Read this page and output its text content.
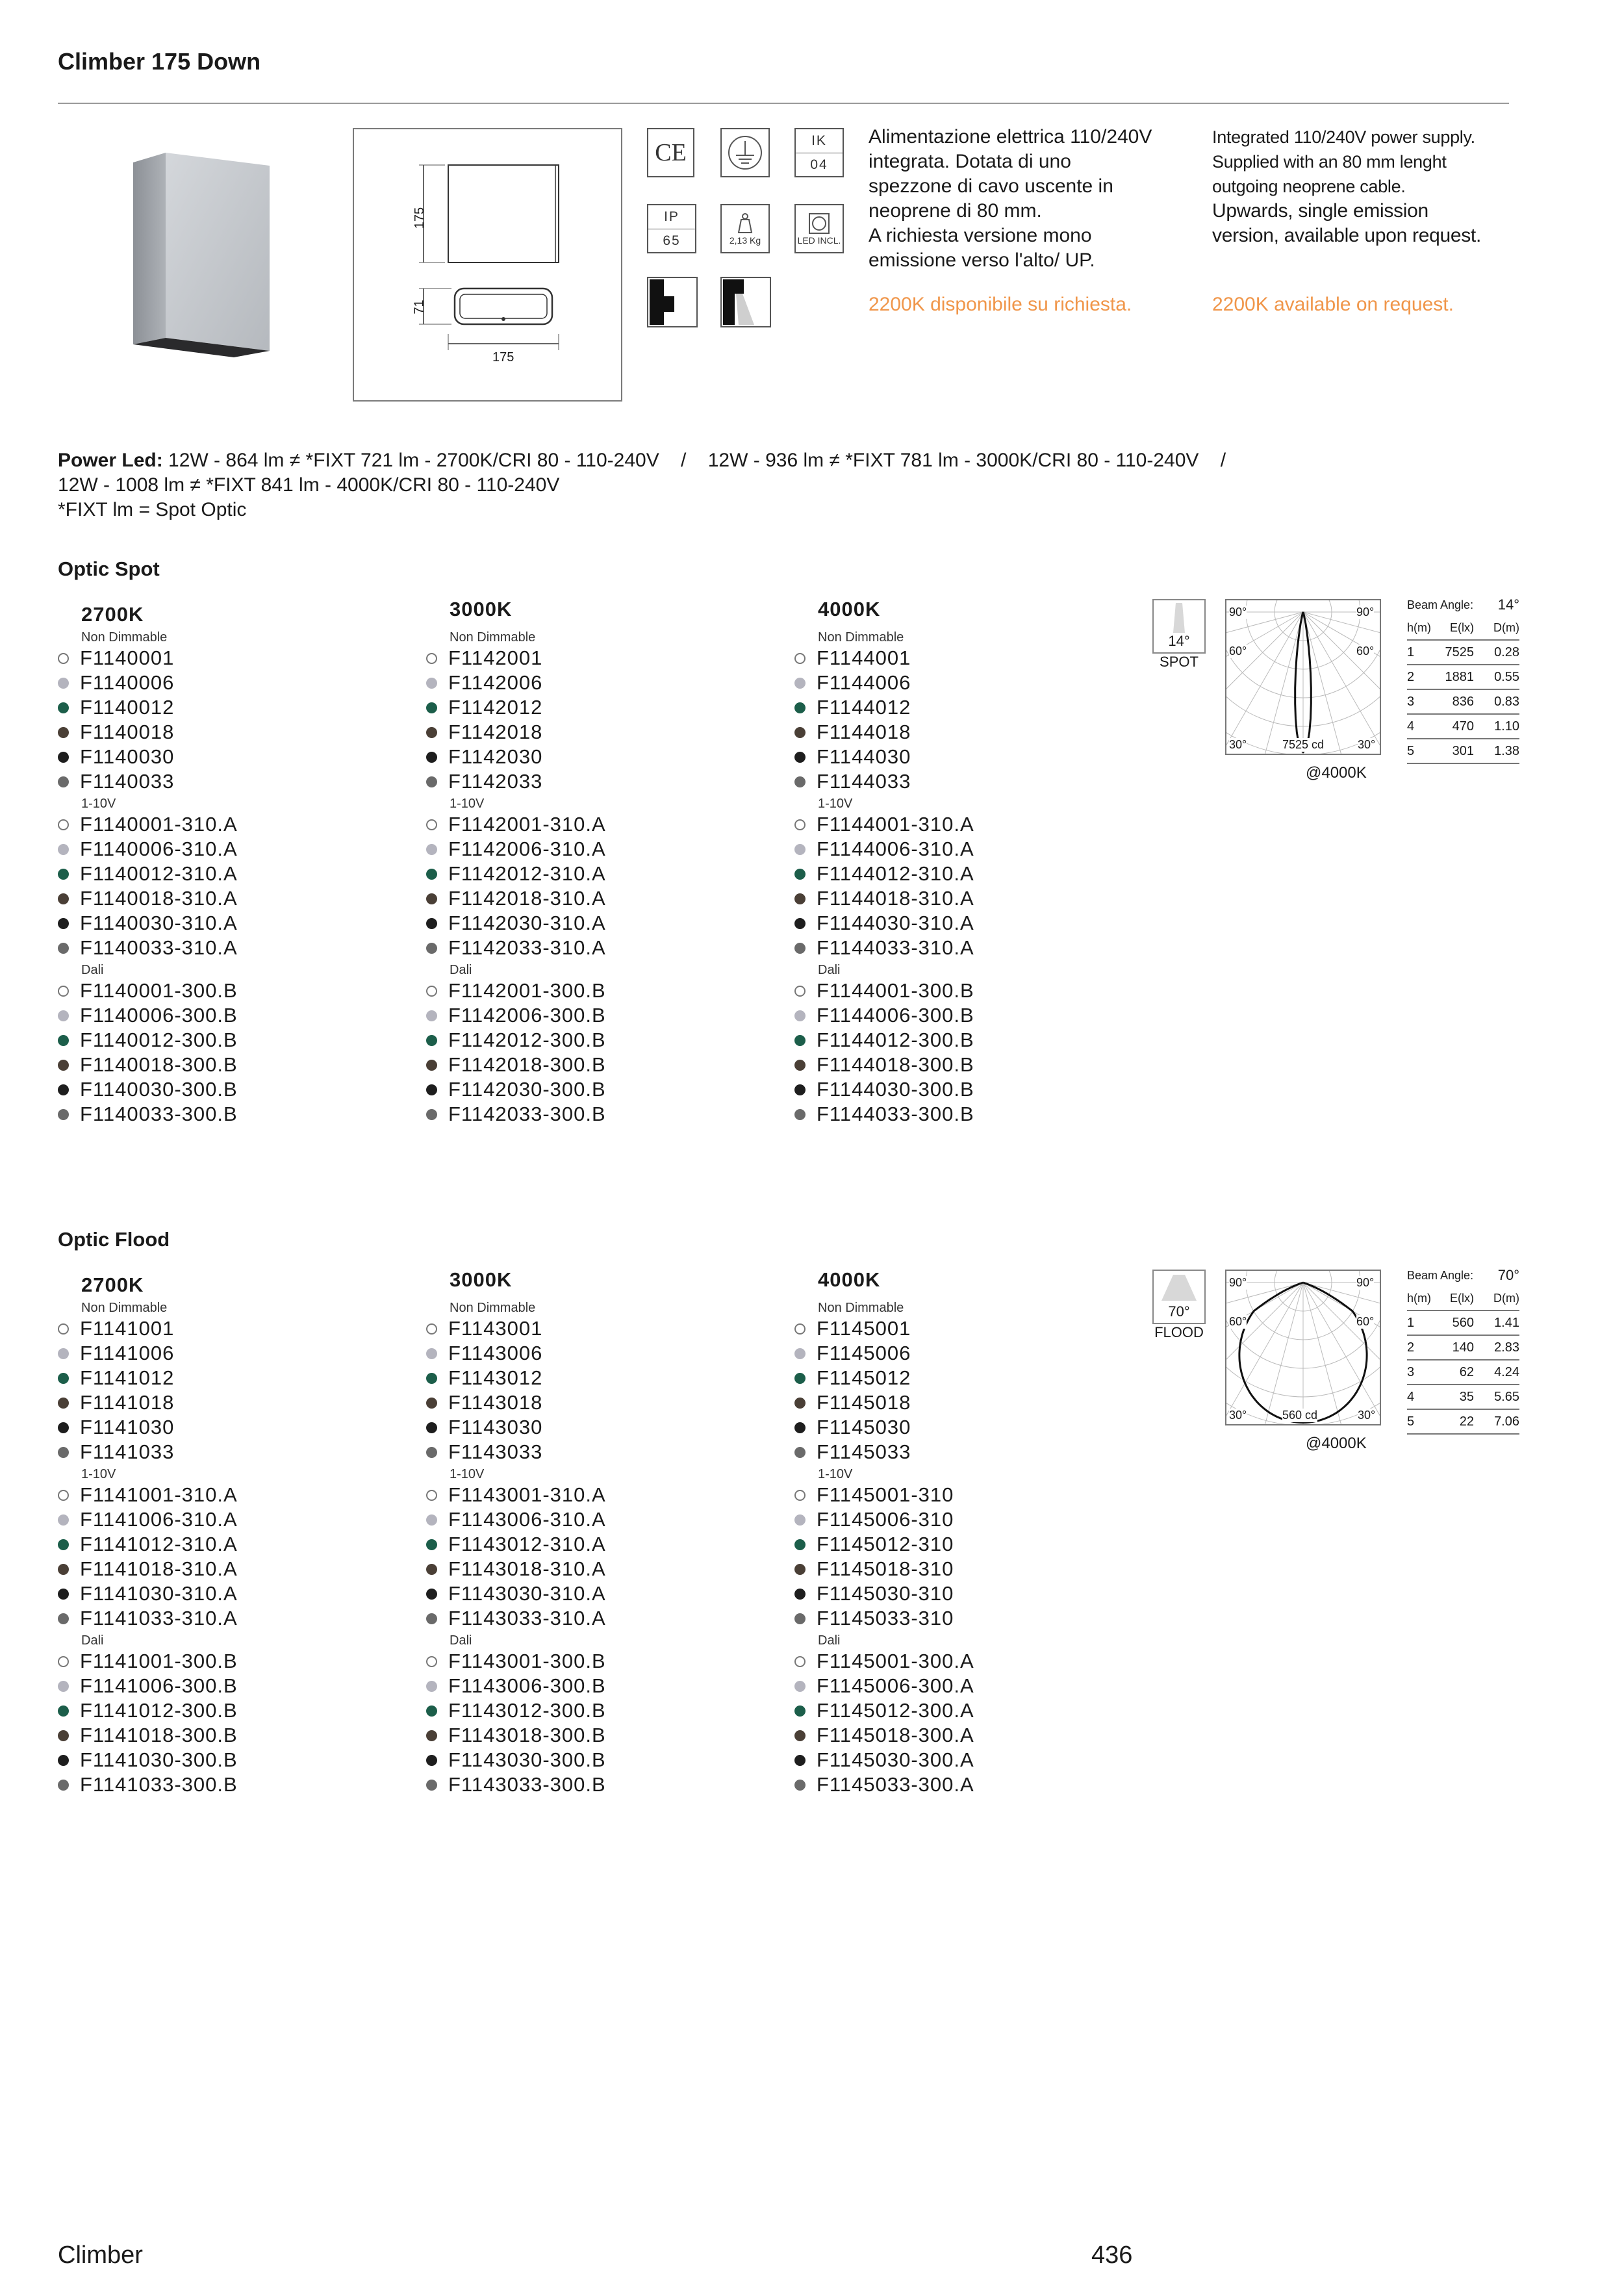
Climber 175 Down
175
71
175
CE	IK
04
IP
65	2,13 Kg	LED INCL.
Alimentazione elettrica 110/240V
integrata. Dotata di uno
spezzone di cavo uscente in
neoprene di 80 mm.
A richiesta versione mono
emissione verso l'alto/ UP.
Integrated 110/240V power supply.
Supplied with an 80 mm lenght
outgoing neoprene cable.
Upwards, single emission
version, available upon request.
2200K disponibile su richiesta.	2200K available on request.
Power Led: 12W - 864 lm ≠ *FIXT 721 lm - 2700K/CRI 80 - 110-240V    /    12W - 936 lm ≠ *FIXT 781 lm - 3000K/CRI 80 - 110-240V    /
12W - 1008 lm ≠ *FIXT 841 lm - 4000K/CRI 80 - 110-240V
*FIXT lm = Spot Optic
Optic Spot
2700K
Non Dimmable
F1140001
F1140006
F1140012
F1140018
F1140030
F1140033
1-10V
F1140001-310.A
F1140006-310.A
F1140012-310.A
F1140018-310.A
F1140030-310.A
F1140033-310.A
Dali
F1140001-300.B
F1140006-300.B
F1140012-300.B
F1140018-300.B
F1140030-300.B
F1140033-300.B
3000K
Non Dimmable
F1142001
F1142006
F1142012
F1142018
F1142030
F1142033
1-10V
F1142001-310.A
F1142006-310.A
F1142012-310.A
F1142018-310.A
F1142030-310.A
F1142033-310.A
Dali
F1142001-300.B
F1142006-300.B
F1142012-300.B
F1142018-300.B
F1142030-300.B
F1142033-300.B
4000K
Non Dimmable
F1144001
F1144006
F1144012
F1144018
F1144030
F1144033
1-10V
F1144001-310.A
F1144006-310.A
F1144012-310.A
F1144018-310.A
F1144030-310.A
F1144033-310.A
Dali
F1144001-300.B
F1144006-300.B
F1144012-300.B
F1144018-300.B
F1144030-300.B
F1144033-300.B
14°
SPOT
90°	90°
60°	60°
30°	30°
7525 cd
@4000K
Beam Angle:	14°
h(m)	E(lx)	D(m)
1	7525	0.28
2	1881	0.55
3	836	0.83
4	470	1.10
5	301	1.38
Optic Flood
2700K
Non Dimmable
F1141001
F1141006
F1141012
F1141018
F1141030
F1141033
1-10V
F1141001-310.A
F1141006-310.A
F1141012-310.A
F1141018-310.A
F1141030-310.A
F1141033-310.A
Dali
F1141001-300.B
F1141006-300.B
F1141012-300.B
F1141018-300.B
F1141030-300.B
F1141033-300.B
3000K
Non Dimmable
F1143001
F1143006
F1143012
F1143018
F1143030
F1143033
1-10V
F1143001-310.A
F1143006-310.A
F1143012-310.A
F1143018-310.A
F1143030-310.A
F1143033-310.A
Dali
F1143001-300.B
F1143006-300.B
F1143012-300.B
F1143018-300.B
F1143030-300.B
F1143033-300.B
4000K
Non Dimmable
F1145001
F1145006
F1145012
F1145018
F1145030
F1145033
1-10V
F1145001-310
F1145006-310
F1145012-310
F1145018-310
F1145030-310
F1145033-310
Dali
F1145001-300.A
F1145006-300.A
F1145012-300.A
F1145018-300.A
F1145030-300.A
F1145033-300.A
70°
FLOOD
90°	90°
60°	60°
30°	30°
560 cd
@4000K
Beam Angle:	70°
h(m)	E(lx)	D(m)
1	560	1.41
2	140	2.83
3	62	4.24
4	35	5.65
5	22	7.06
Climber	436
